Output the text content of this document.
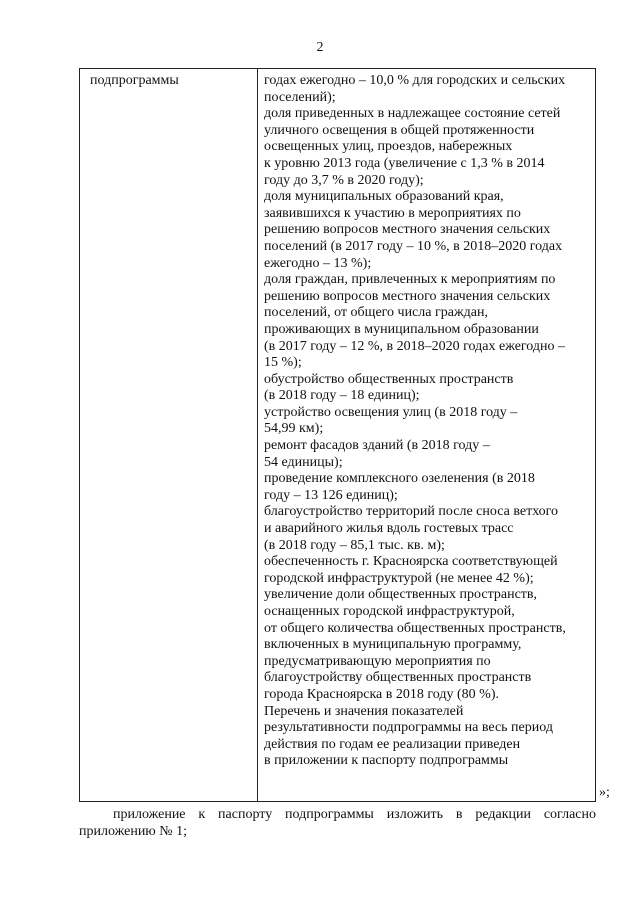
2
подпрограммы	годах ежегодно – 10,0 % для городских и сельских
поселений);
доля приведенных в надлежащее состояние сетей
уличного освещения в общей протяженности
освещенных улиц, проездов, набережных
к уровню 2013 года (увеличение с 1,3 % в 2014
году до 3,7 % в 2020 году);
доля муниципальных образований края,
заявившихся к участию в мероприятиях по
решению вопросов местного значения сельских
поселений (в 2017 году – 10 %, в 2018–2020 годах
ежегодно – 13 %);
доля граждан, привлеченных к мероприятиям по
решению вопросов местного значения сельских
поселений, от общего числа граждан,
проживающих в муниципальном образовании
(в 2017 году – 12 %, в 2018–2020 годах ежегодно –
15 %);
обустройство общественных пространств
(в 2018 году – 18 единиц);
устройство освещения улиц (в 2018 году –
54,99 км);
ремонт фасадов зданий (в 2018 году –
54 единицы);
проведение комплексного озеленения (в 2018
году – 13 126 единиц);
благоустройство территорий после сноса ветхого
и аварийного жилья вдоль гостевых трасс
(в 2018 году – 85,1 тыс. кв. м);
обеспеченность г. Красноярска соответствующей
городской инфраструктурой (не менее 42 %);
увеличение доли общественных пространств,
оснащенных городской инфраструктурой,
от общего количества общественных пространств,
включенных в муниципальную программу,
предусматривающую мероприятия по
благоустройству общественных пространств
города Красноярска в 2018 году (80 %).
Перечень и значения показателей
результативности подпрограммы на весь период
действия по годам ее реализации приведен
в приложении к паспорту подпрограммы
»;
приложение к паспорту подпрограммы изложить в редакции согласно
приложению № 1;
